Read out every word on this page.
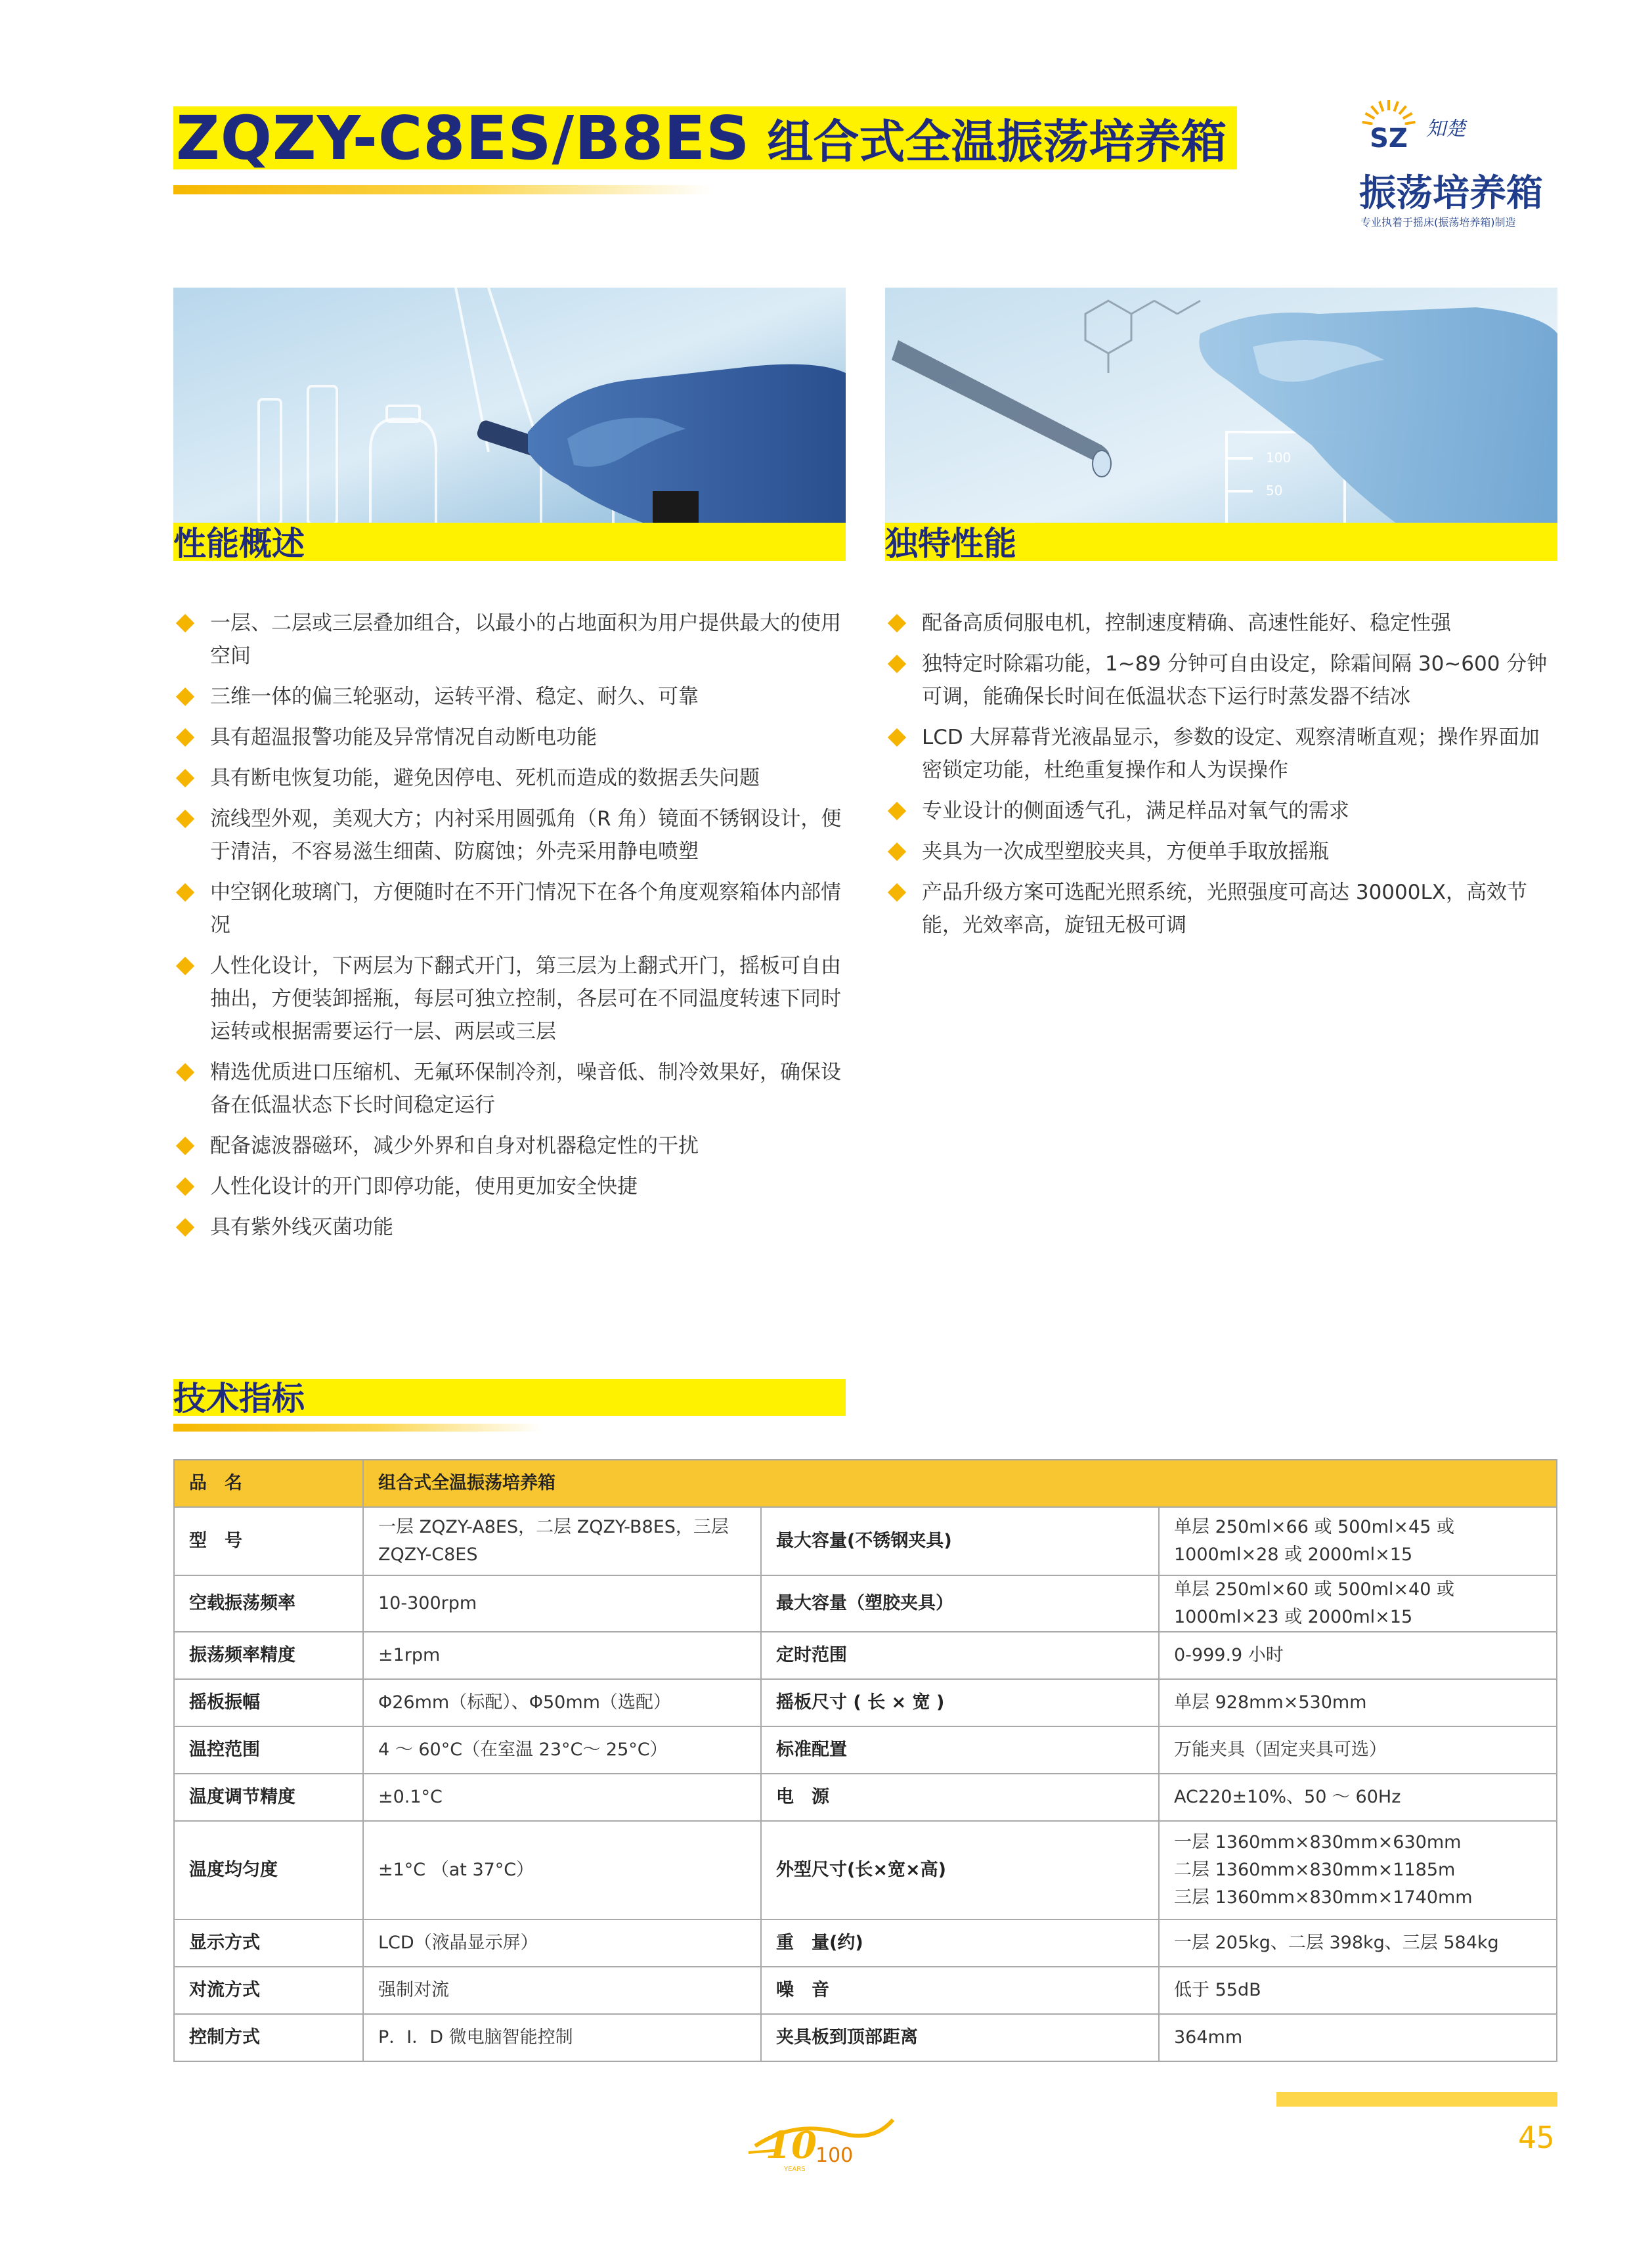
ZQZY-C8ES/B8ES 组合式全温振荡培养箱	SZ 知楚
振荡培养箱
专业执着于摇床(振荡培养箱)制造
性能概述
100
50
独特性能
一层、二层或三层叠加组合，以最小的占地面积为用户提供最大的使用空间
三维一体的偏三轮驱动，运转平滑、稳定、耐久、可靠
具有超温报警功能及异常情况自动断电功能
具有断电恢复功能，避免因停电、死机而造成的数据丢失问题
流线型外观，美观大方；内衬采用圆弧角（R 角）镜面不锈钢设计，便于清洁，不容易滋生细菌、防腐蚀；外壳采用静电喷塑
中空钢化玻璃门，方便随时在不开门情况下在各个角度观察箱体内部情况
人性化设计，下两层为下翻式开门，第三层为上翻式开门，摇板可自由抽出，方便装卸摇瓶，每层可独立控制，各层可在不同温度转速下同时运转或根据需要运行一层、两层或三层
精选优质进口压缩机、无氟环保制冷剂，噪音低、制冷效果好，确保设备在低温状态下长时间稳定运行
配备滤波器磁环，减少外界和自身对机器稳定性的干扰
人性化设计的开门即停功能，使用更加安全快捷
具有紫外线灭菌功能
配备高质伺服电机，控制速度精确、高速性能好、稳定性强
独特定时除霜功能，1~89 分钟可自由设定，除霜间隔 30~600 分钟可调，能确保长时间在低温状态下运行时蒸发器不结冰
LCD 大屏幕背光液晶显示，参数的设定、观察清晰直观；操作界面加密锁定功能，杜绝重复操作和人为误操作
专业设计的侧面透气孔，满足样品对氧气的需求
夹具为一次成型塑胶夹具，方便单手取放摇瓶
产品升级方案可选配光照系统，光照强度可高达 30000LX，高效节能，光效率高，旋钮无极可调
技术指标
品　名	组合式全温振荡培养箱		
型　号	一层 ZQZY-A8ES，二层 ZQZY-B8ES，三层 ZQZY-C8ES	最大容量(不锈钢夹具)	单层 250ml×66 或 500ml×45 或 1000ml×28 或 2000ml×15
空载振荡频率	10-300rpm	最大容量（塑胶夹具）	单层 250ml×60 或 500ml×40 或 1000ml×23 或 2000ml×15
振荡频率精度	±1rpm	定时范围	0-999.9 小时
摇板振幅	Φ26mm（标配）、Φ50mm（选配）	摇板尺寸 ( 长 × 宽 )	单层 928mm×530mm
温控范围	4 ～ 60°C（在室温 23°C～ 25°C）	标准配置	万能夹具（固定夹具可选）
温度调节精度	±0.1°C	电　源	AC220±10%、50 ～ 60Hz
温度均匀度	±1°C （at 37°C）	外型尺寸(长×宽×高)	一层 1360mm×830mm×630mm
二层 1360mm×830mm×1185m
三层 1360mm×830mm×1740mm

显示方式	LCD（液晶显示屏）	重　量(约)	一层 205kg、二层 398kg、三层 584kg
对流方式	强制对流	噪　音	低于 55dB
控制方式	P．I．D 微电脑智能控制	夹具板到顶部距离	364mm
10
100
YEARS
45
